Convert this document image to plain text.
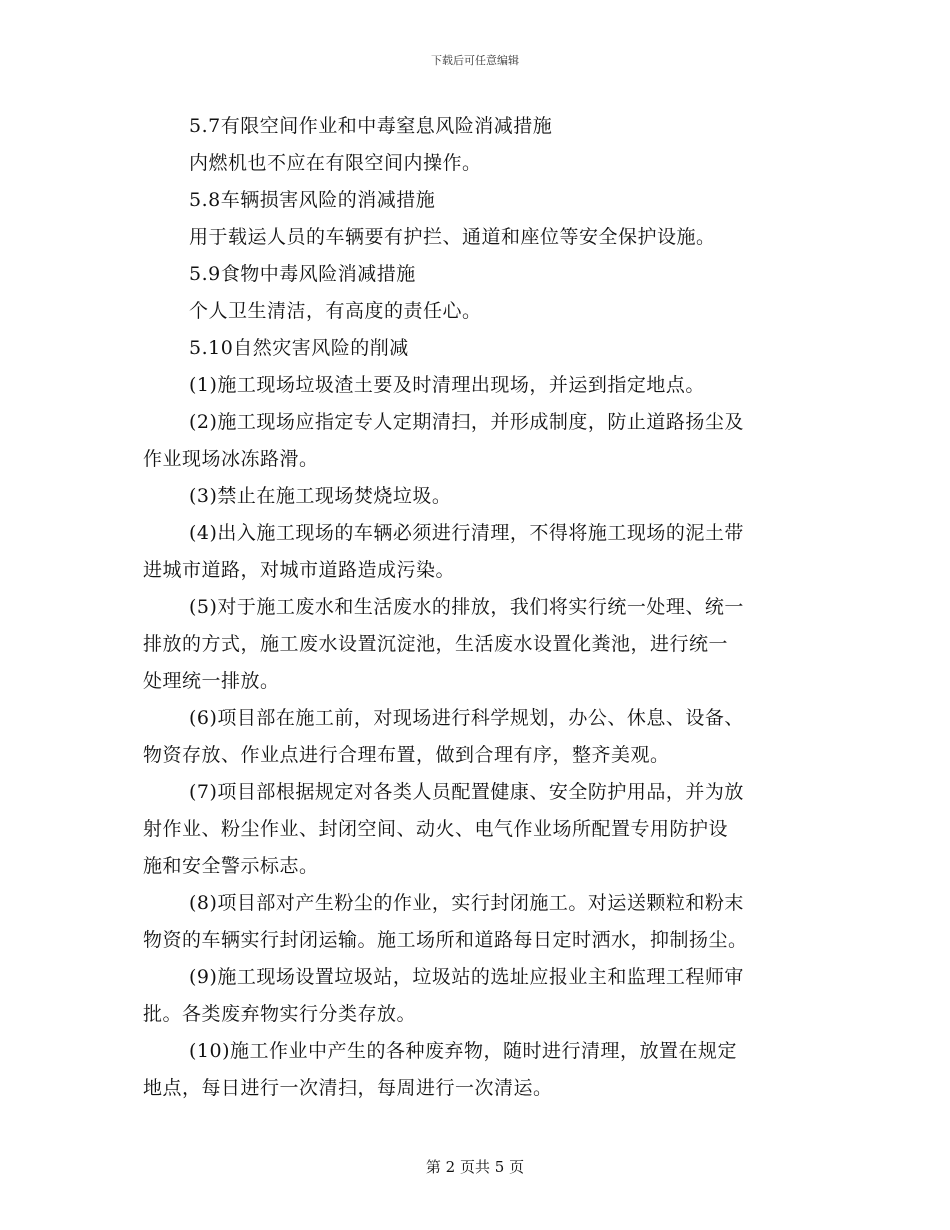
下载后可任意编辑
5.7有限空间作业和中毒窒息风险消减措施
内燃机也不应在有限空间内操作。
5.8车辆损害风险的消减措施
用于载运人员的车辆要有护拦、通道和座位等安全保护设施。
5.9食物中毒风险消减措施
个人卫生清洁，有高度的责任心。
5.10自然灾害风险的削减
(1)施工现场垃圾渣土要及时清理出现场，并运到指定地点。
(2)施工现场应指定专人定期清扫，并形成制度，防止道路扬尘及
作业现场冰冻路滑。
(3)禁止在施工现场焚烧垃圾。
(4)出入施工现场的车辆必须进行清理，不得将施工现场的泥土带
进城市道路，对城市道路造成污染。
(5)对于施工废水和生活废水的排放，我们将实行统一处理、统一
排放的方式，施工废水设置沉淀池，生活废水设置化粪池，进行统一
处理统一排放。
(6)项目部在施工前，对现场进行科学规划，办公、休息、设备、
物资存放、作业点进行合理布置，做到合理有序，整齐美观。
(7)项目部根据规定对各类人员配置健康、安全防护用品，并为放
射作业、粉尘作业、封闭空间、动火、电气作业场所配置专用防护设
施和安全警示标志。
(8)项目部对产生粉尘的作业，实行封闭施工。对运送颗粒和粉末
物资的车辆实行封闭运输。施工场所和道路每日定时洒水，抑制扬尘。
(9)施工现场设置垃圾站，垃圾站的选址应报业主和监理工程师审
批。各类废弃物实行分类存放。
(10)施工作业中产生的各种废弃物，随时进行清理，放置在规定
地点，每日进行一次清扫，每周进行一次清运。
第 2 页共 5 页
